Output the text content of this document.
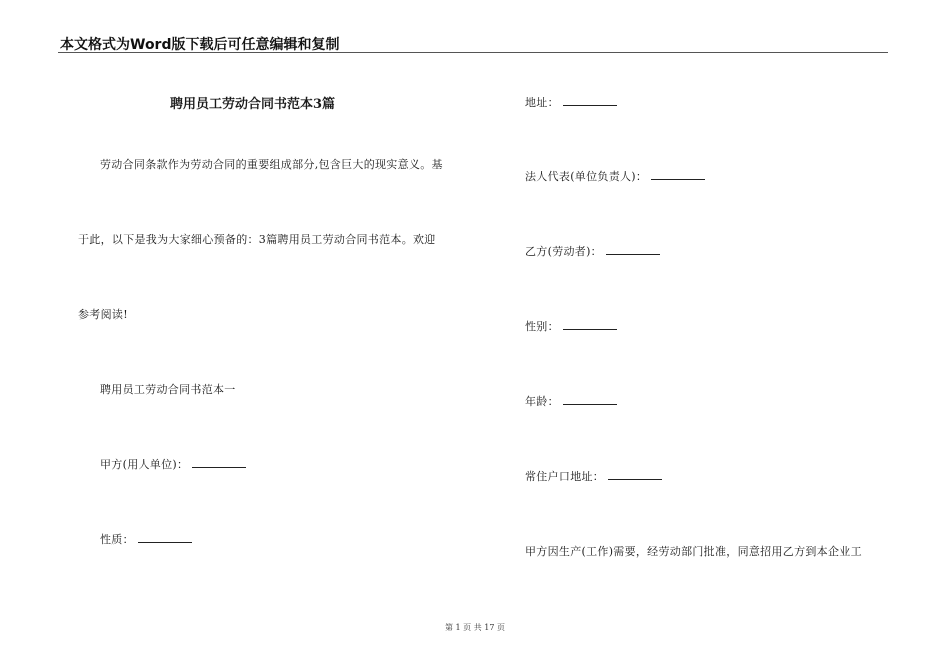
本文格式为Word版下载后可任意编辑和复制
聘用员工劳动合同书范本3篇
劳动合同条款作为劳动合同的重要组成部分,包含巨大的现实意义。基
于此，以下是我为大家细心预备的：3篇聘用员工劳动合同书范本。欢迎
参考阅读!
聘用员工劳动合同书范本一
甲方(用人单位)：
性质：
地址：
法人代表(单位负责人)：
乙方(劳动者)：
性别：
年龄：
常住户口地址：
甲方因生产(工作)需要，经劳动部门批准，同意招用乙方到本企业工
第 1 页 共 17 页
